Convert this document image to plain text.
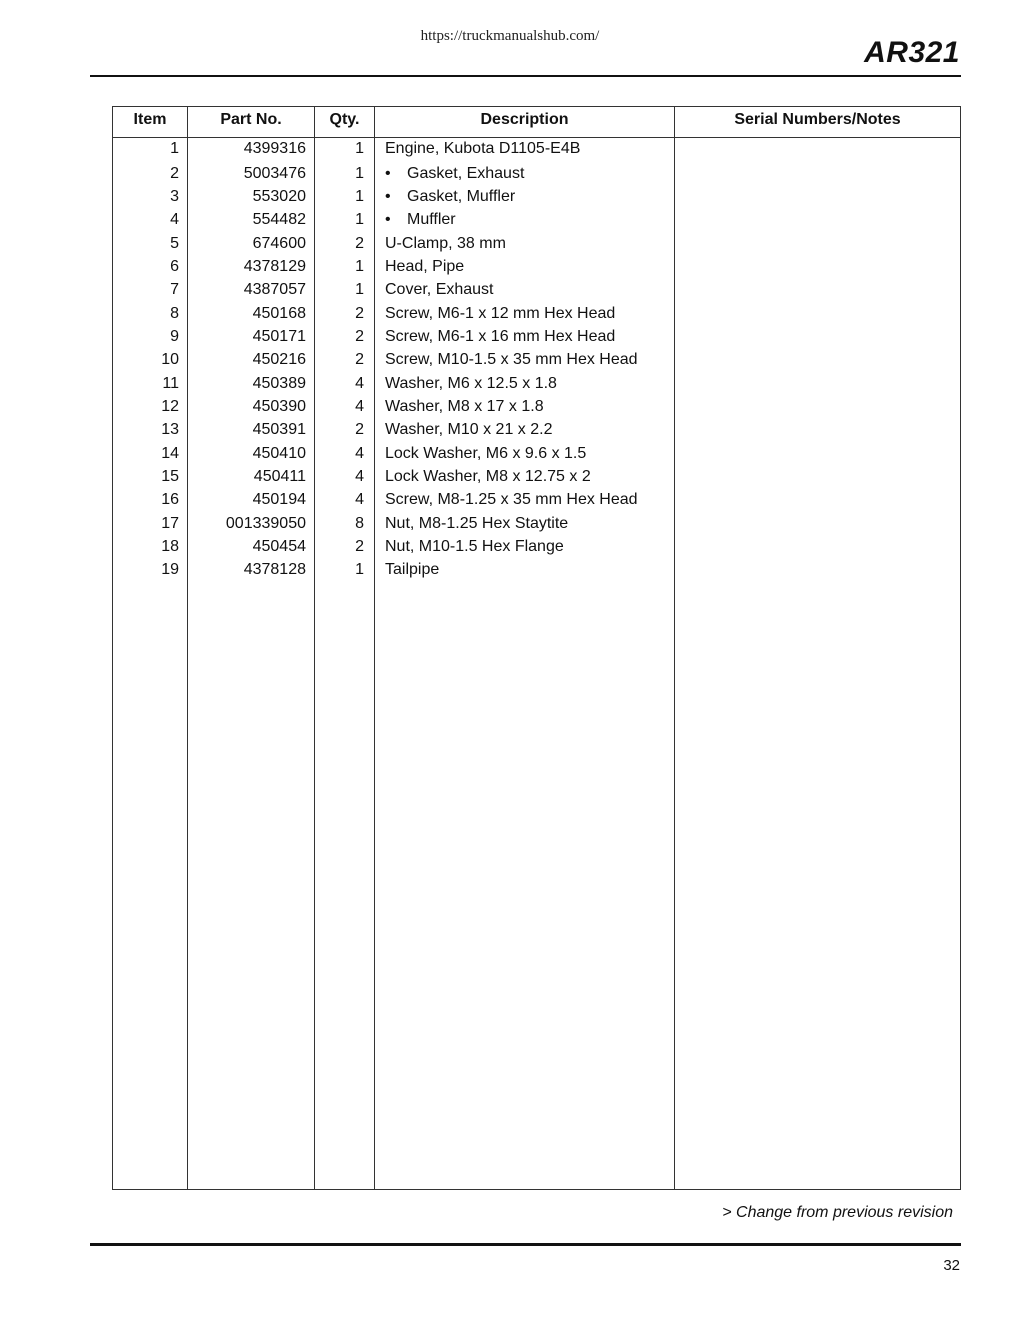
https://truckmanualshub.com/	AR321
Item	Part No.	Qty.	Description	Serial Numbers/Notes
1	4399316	1 Engine, Kubota D1105-E4B
2	5003476	1 • Gasket, Exhaust
3	553020	1 • Gasket, Muffler
4	554482	1 • Muffler
5	674600	2 U-Clamp, 38 mm
6	4378129	1 Head, Pipe
7	4387057	1 Cover, Exhaust
8	450168	2 Screw, M6-1 x 12 mm Hex Head
9	450171	2 Screw, M6-1 x 16 mm Hex Head
10	450216	2 Screw, M10-1.5 x 35 mm Hex Head
11	450389	4 Washer, M6 x 12.5 x 1.8
12	450390	4 Washer, M8 x 17 x 1.8
13	450391	2 Washer, M10 x 21 x 2.2
14	450410	4 Lock Washer, M6 x 9.6 x 1.5
15	450411	4 Lock Washer, M8 x 12.75 x 2
16	450194	4 Screw, M8-1.25 x 35 mm Hex Head
17	001339050	8 Nut, M8-1.25 Hex Staytite
18	450454	2 Nut, M10-1.5 Hex Flange
19	4378128	1 Tailpipe
> Change from previous revision
32
